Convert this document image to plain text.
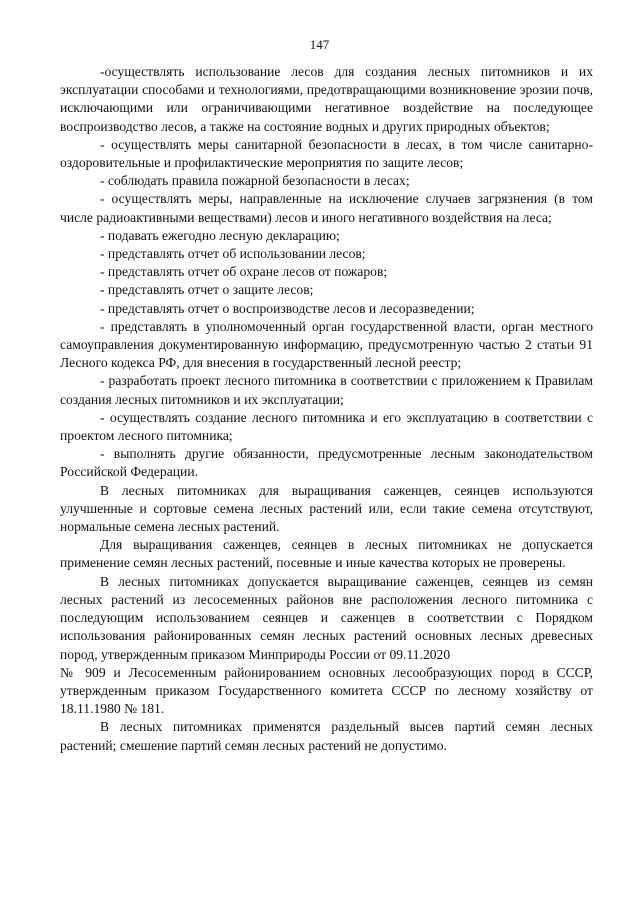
147

-осуществлять использование лесов для создания лесных питомников и их эксплуатации способами и технологиями, предотвращающими возникновение эрозии почв, исключающими или ограничивающими негативное воздействие на последующее воспроизводство лесов, а также на состояние водных и других природных объектов;

- осуществлять меры санитарной безопасности в лесах, в том числе санитарно-оздоровительные и профилактические мероприятия по защите лесов;

- соблюдать правила пожарной безопасности в лесах;

- осуществлять меры, направленные на исключение случаев загрязнения (в том числе радиоактивными веществами) лесов и иного негативного воздействия на леса;

- подавать ежегодно лесную декларацию;

- представлять отчет об использовании лесов;

- представлять отчет об охране лесов от пожаров;

- представлять отчет о защите лесов;

- представлять отчет о воспроизводстве лесов и лесоразведении;

- представлять в уполномоченный орган государственной власти, орган местного самоуправления документированную информацию, предусмотренную частью 2 статьи 91 Лесного кодекса РФ, для внесения в государственный лесной реестр;

- разработать проект лесного питомника в соответствии с приложением к Правилам создания лесных питомников и их эксплуатации;

- осуществлять создание лесного питомника и его эксплуатацию в соответствии с проектом лесного питомника;

- выполнять другие обязанности, предусмотренные лесным законодательством Российской Федерации.

В лесных питомниках для выращивания саженцев, сеянцев используются улучшенные и сортовые семена лесных растений или, если такие семена отсутствуют, нормальные семена лесных растений.

Для выращивания саженцев, сеянцев в лесных питомниках не допускается применение семян лесных растений, посевные и иные качества которых не проверены.

В лесных питомниках допускается выращивание саженцев, сеянцев из семян лесных растений из лесосеменных районов вне расположения лесного питомника с последующим использованием сеянцев и саженцев в соответствии с Порядком использования районированных семян лесных растений основных лесных древесных пород, утвержденным приказом Минприроды России от 09.11.2020

№ 909 и Лесосеменным районированием основных лесообразующих пород в СССР, утвержденным приказом Государственного комитета СССР по лесному хозяйству от 18.11.1980 № 181.

В лесных питомниках применятся раздельный высев партий семян лесных растений; смешение партий семян лесных растений не допустимо.
